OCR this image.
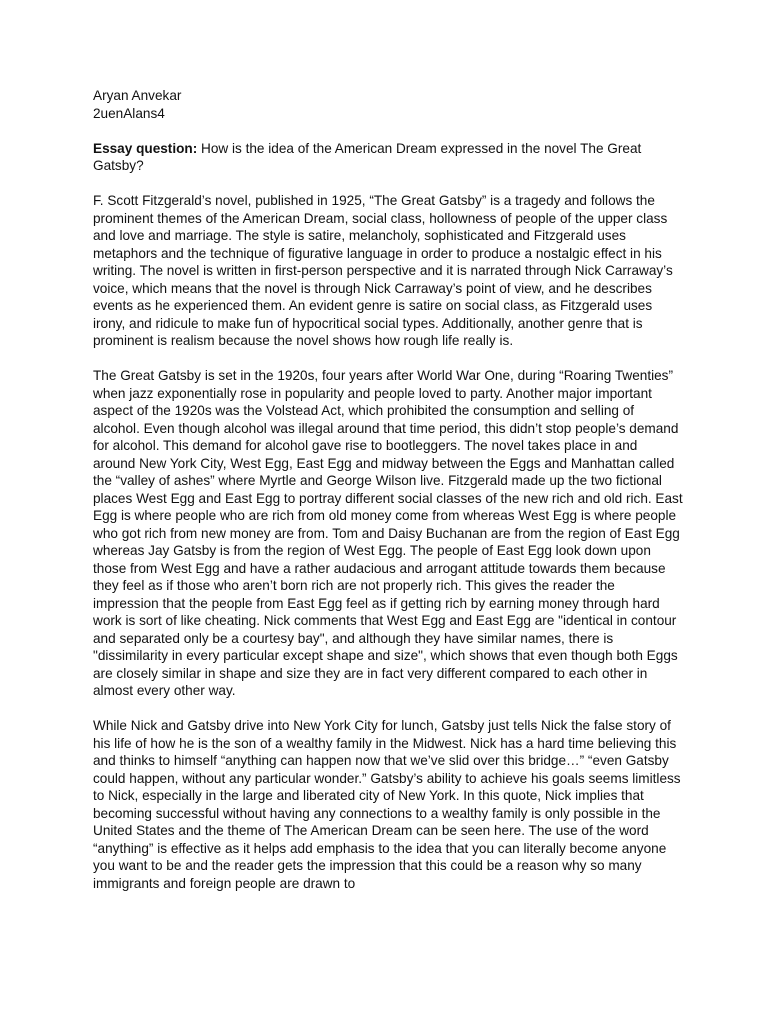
Aryan Anvekar

2uenAlans4

Essay question: How is the idea of the American Dream expressed in the novel The Great Gatsby?

F. Scott Fitzgerald’s novel, published in 1925, “The Great Gatsby” is a tragedy and follows the prominent themes of the American Dream, social class, hollowness of people of the upper class and love and marriage. The style is satire, melancholy, sophisticated and Fitzgerald uses metaphors and the technique of figurative language in order to produce a nostalgic effect in his writing. The novel is written in first-person perspective and it is narrated through Nick Carraway’s voice, which means that the novel is through Nick Carraway’s point of view, and he describes events as he experienced them. An evident genre is satire on social class, as Fitzgerald uses irony, and ridicule to make fun of hypocritical social types. Additionally, another genre that is prominent is realism because the novel shows how rough life really is.

The Great Gatsby is set in the 1920s, four years after World War One, during “Roaring Twenties” when jazz exponentially rose in popularity and people loved to party. Another major important aspect of the 1920s was the Volstead Act, which prohibited the consumption and selling of alcohol. Even though alcohol was illegal around that time period, this didn’t stop people’s demand for alcohol. This demand for alcohol gave rise to bootleggers. The novel takes place in and around New York City, West Egg, East Egg and midway between the Eggs and Manhattan called the “valley of ashes” where Myrtle and George Wilson live. Fitzgerald made up the two fictional places West Egg and East Egg to portray different social classes of the new rich and old rich. East Egg is where people who are rich from old money come from whereas West Egg is where people who got rich from new money are from. Tom and Daisy Buchanan are from the region of East Egg whereas Jay Gatsby is from the region of West Egg. The people of East Egg look down upon those from West Egg and have a rather audacious and arrogant attitude towards them because they feel as if those who aren’t born rich are not properly rich. This gives the reader the impression that the people from East Egg feel as if getting rich by earning money through hard work is sort of like cheating. Nick comments that West Egg and East Egg are "identical in contour and separated only be a courtesy bay", and although they have similar names, there is "dissimilarity in every particular except shape and size", which shows that even though both Eggs are closely similar in shape and size they are in fact very different compared to each other in almost every other way.

While Nick and Gatsby drive into New York City for lunch, Gatsby just tells Nick the false story of his life of how he is the son of a wealthy family in the Midwest. Nick has a hard time believing this and thinks to himself “anything can happen now that we’ve slid over this bridge…” “even Gatsby could happen, without any particular wonder.” Gatsby’s ability to achieve his goals seems limitless to Nick, especially in the large and liberated city of New York. In this quote, Nick implies that becoming successful without having any connections to a wealthy family is only possible in the United States and the theme of The American Dream can be seen here. The use of the word “anything” is effective as it helps add emphasis to the idea that you can literally become anyone you want to be and the reader gets the impression that this could be a reason why so many immigrants and foreign people are drawn to
